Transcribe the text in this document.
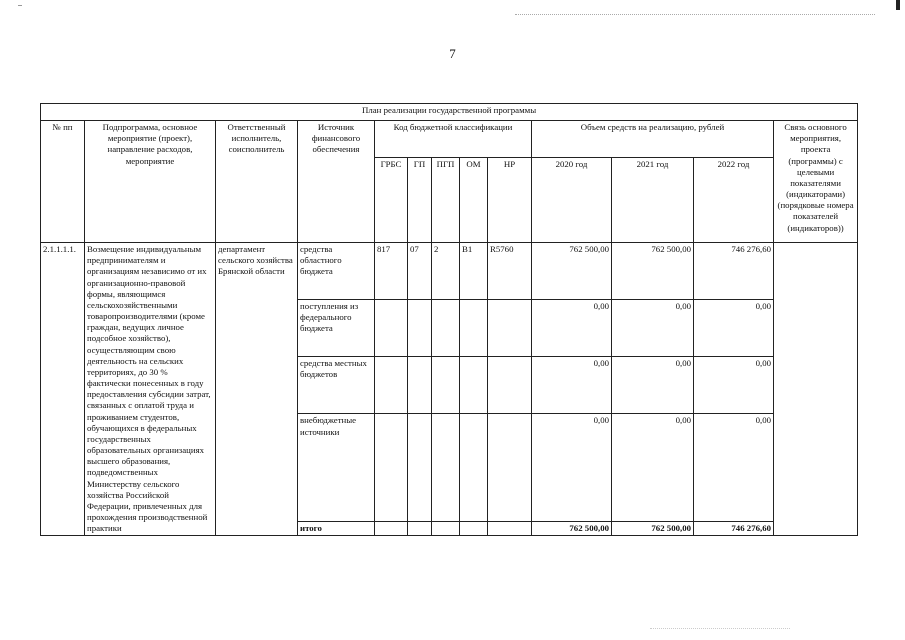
7
План реализации государственной программы												
№ пп	Подпрограмма, основное мероприятие (проект), направление расходов, мероприятие	Ответственный исполнитель, соисполнитель	Источник финансового обеспечения	Код бюджетной классификации					Объем средств на реализацию, рублей			Связь основного мероприятия, проекта (программы) с целевыми показателями (индикаторами) (порядковые номера показателей (индикаторов))
				ГРБС	ГП	ПГП	ОМ	НР	2020 год	2021 год	2022 год	
2.1.1.1.1.	Возмещение индивидуальным предпринимателям и организациям независимо от их организационно-правовой формы, являющимся сельскохозяйственными товаропроизводителями (кроме граждан, ведущих личное подсобное хозяйство), осуществляющим свою деятельность на сельских территориях, до 30 % фактически понесенных в году предоставления субсидии затрат, связанных с оплатой труда и проживанием студентов, обучающихся в федеральных государственных образовательных организациях высшего образования, подведомственных Министерству сельского хозяйства Российской Федерации, привлеченных для прохождения производственной практики	департамент сельского хозяйства Брянской области	средства областного бюджета	817	07	2	В1	R5760	762 500,00	762 500,00	746 276,60	
			поступления из федерального бюджета						0,00	0,00	0,00	
			средства местных бюджетов						0,00	0,00	0,00	
			внебюджетные источники						0,00	0,00	0,00	
			итого						762 500,00	762 500,00	746 276,60	
